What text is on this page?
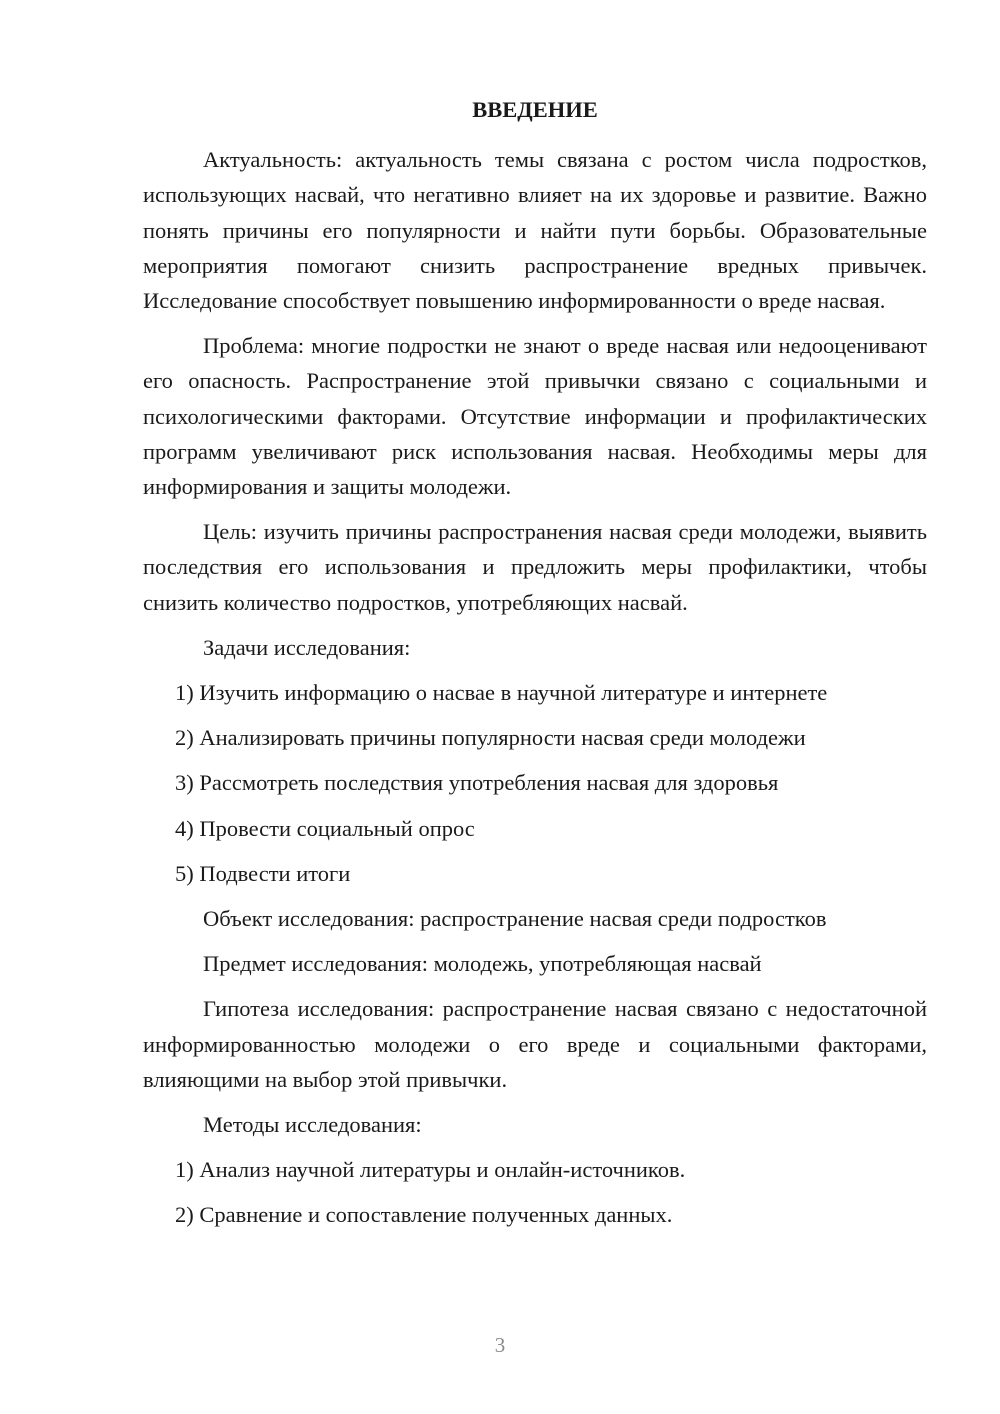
ВВЕДЕНИЕ

Актуальность: актуальность темы связана с ростом числа подростков, использующих насвай, что негативно влияет на их здоровье и развитие. Важно понять причины его популярности и найти пути борьбы. Образовательные мероприятия помогают снизить распространение вредных привычек. Исследование способствует повышению информированности о вреде насвая.

Проблема: многие подростки не знают о вреде насвая или недооценивают его опасность. Распространение этой привычки связано с социальными и психологическими факторами. Отсутствие информации и профилактических программ увеличивают риск использования насвая. Необходимы меры для информирования и защиты молодежи.

Цель: изучить причины распространения насвая среди молодежи, выявить последствия его использования и предложить меры профилактики, чтобы снизить количество подростков, употребляющих насвай.

Задачи исследования:
1) Изучить информацию о насвае в научной литературе и интернете
2) Анализировать причины популярности насвая среди молодежи
3) Рассмотреть последствия употребления насвая для здоровья
4) Провести социальный опрос
5) Подвести итоги
Объект исследования: распространение насвая среди подростков
Предмет исследования: молодежь, употребляющая насвай

Гипотеза исследования: распространение насвая связано с недостаточной информированностью молодежи о его вреде и социальными факторами, влияющими на выбор этой привычки.

Методы исследования:
1) Анализ научной литературы и онлайн-источников.
2) Сравнение и сопоставление полученных данных.
3
